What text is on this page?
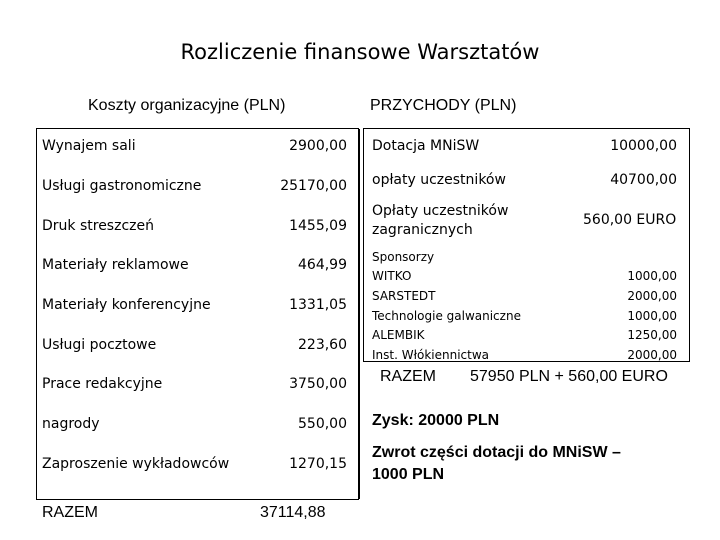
Rozliczenie finansowe Warsztatów
Koszty organizacyjne (PLN)	PRZYCHODY (PLN)
Wynajem sali	2900,00
Usługi gastronomiczne	25170,00
Druk streszczeń	1455,09
Materiały reklamowe	464,99
Materiały konferencyjne	1331,05
Usługi pocztowe	223,60
Prace redakcyjne	3750,00
nagrody	550,00
Zaproszenie wykładowców	1270,15
RAZEM	37114,88
Dotacja MNiSW	10000,00
opłaty uczestników	40700,00
Opłaty uczestników
zagranicznych
560,00 EURO
Sponsorzy
WITKO	1000,00
SARSTEDT	2000,00
Technologie galwaniczne	1000,00
ALEMBIK	1250,00
Inst. Włókiennictwa	2000,00
RAZEM 57950 PLN + 560,00 EURO
Zysk: 20000 PLN
Zwrot części dotacji do MNiSW –
1000 PLN
